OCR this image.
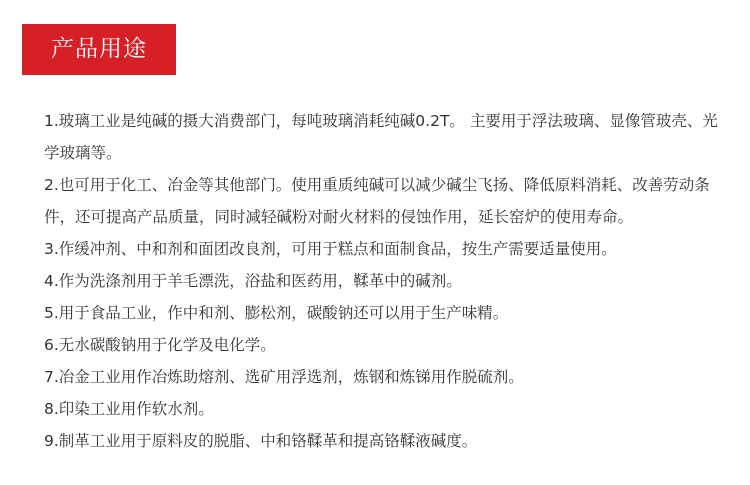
产品用途

1.玻璃工业是纯碱的摄大消费部门，每吨玻璃消耗纯碱0.2T。 主要用于浮法玻璃、显像管玻壳、光学玻璃等。

2.也可用于化工、冶金等其他部门。使用重质纯碱可以减少碱尘飞扬、降低原料消耗、改善劳动条件，还可提高产品质量，同时减轻碱粉对耐火材料的侵蚀作用，延长窑炉的使用寿命。

3.作缓冲剂、中和剂和面团改良剂，可用于糕点和面制食品，按生产需要适量使用。

4.作为洗涤剂用于羊毛漂洗，浴盐和医药用，鞣革中的碱剂。

5.用于食品工业，作中和剂、膨松剂，碳酸钠还可以用于生产味精。

6.无水碳酸钠用于化学及电化学。

7.冶金工业用作冶炼助熔剂、选矿用浮选剂，炼钢和炼锑用作脱硫剂。

8.印染工业用作软水剂。

9.制革工业用于原料皮的脱脂、中和铬鞣革和提高铬鞣液碱度。
